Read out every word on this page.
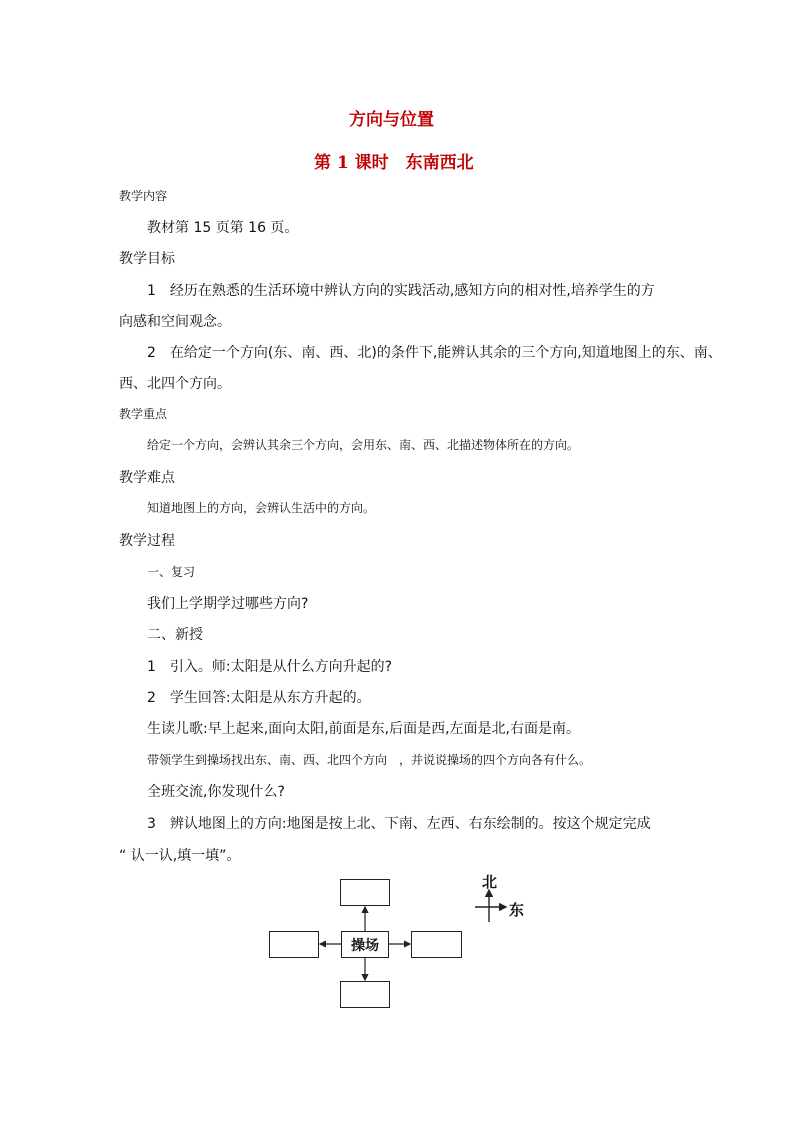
方向与位置
第 1 课时　东南西北
教学内容
教材第 15 页第 16 页。
教学目标
1　经历在熟悉的生活环境中辨认方向的实践活动,感知方向的相对性,培养学生的方
向感和空间观念。
2　在给定一个方向(东、南、西、北)的条件下,能辨认其余的三个方向,知道地图上的东、南、
西、北四个方向。
教学重点
给定一个方向，会辨认其余三个方向，会用东、南、西、北描述物体所在的方向。
教学难点
知道地图上的方向，会辨认生活中的方向。
教学过程
一、复习
我们上学期学过哪些方向?
二、新授
1　引入。师:太阳是从什么方向升起的?
2　学生回答:太阳是从东方升起的。
生读儿歌:早上起来,面向太阳,前面是东,后面是西,左面是北,右面是南。
带领学生到操场找出东、南、西、北四个方向　，并说说操场的四个方向各有什么。
全班交流,你发现什么?
3　辨认地图上的方向:地图是按上北、下南、左西、右东绘制的。按这个规定完成
“ 认一认,填一填”。
操场
北
东
